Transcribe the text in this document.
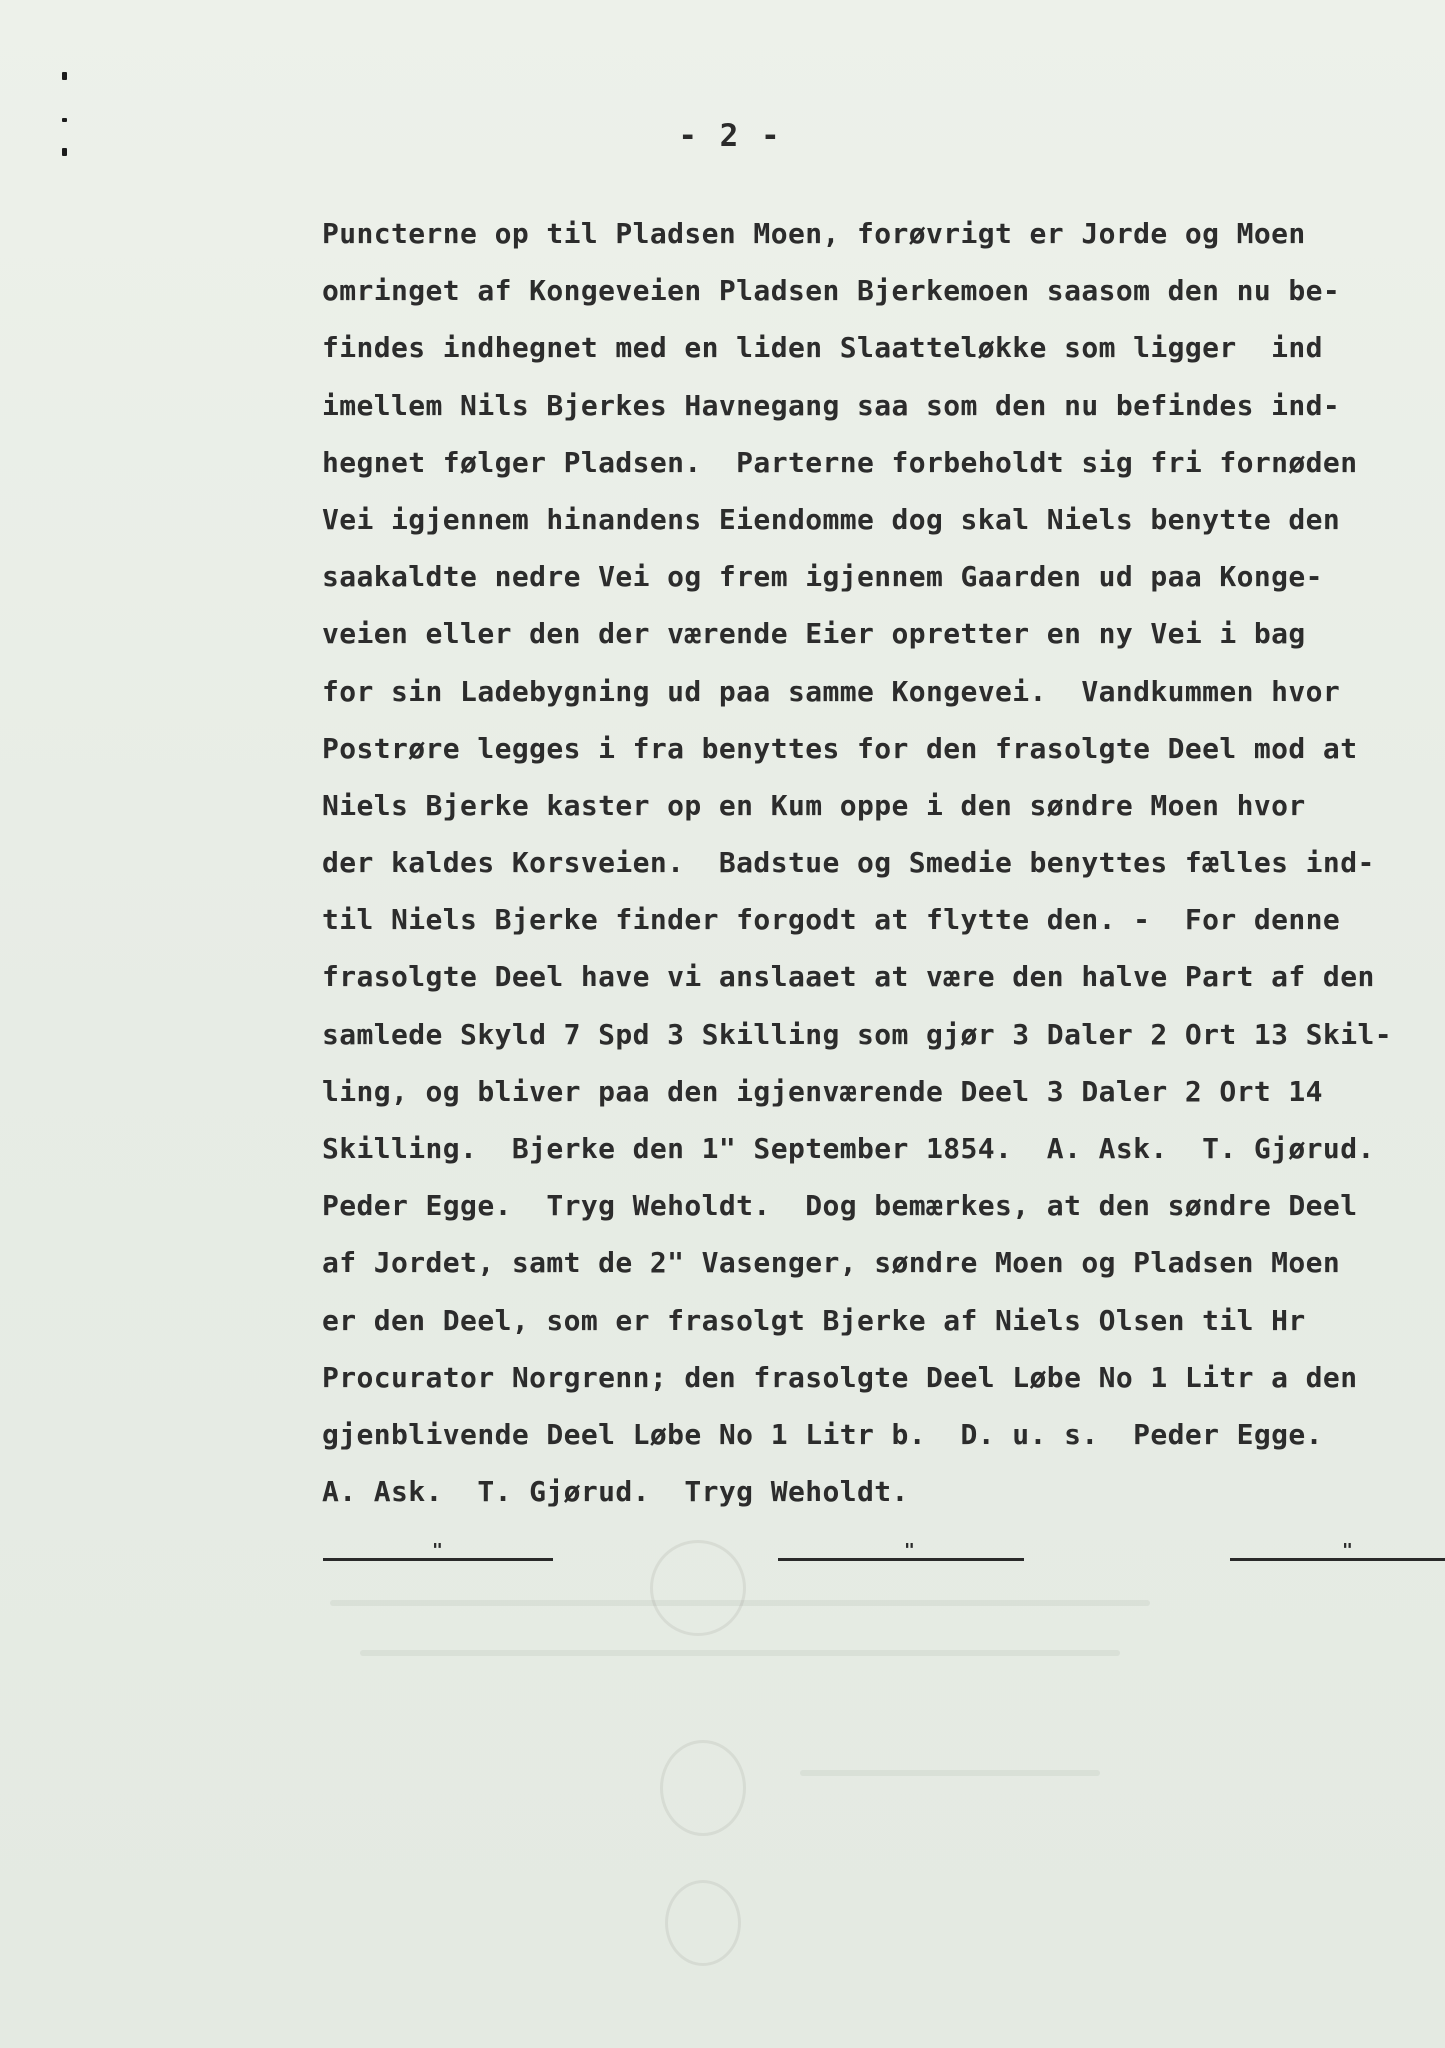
- 2 -
Puncterne op til Pladsen Moen, forøvrigt er Jorde og Moen
omringet af Kongeveien Pladsen Bjerkemoen saasom den nu be-
findes indhegnet med en liden Slaatteløkke som ligger  ind
imellem Nils Bjerkes Havnegang saa som den nu befindes ind-
hegnet følger Pladsen.  Parterne forbeholdt sig fri fornøden
Vei igjennem hinandens Eiendomme dog skal Niels benytte den
saakaldte nedre Vei og frem igjennem Gaarden ud paa Konge-
veien eller den der værende Eier opretter en ny Vei i bag
for sin Ladebygning ud paa samme Kongevei.  Vandkummen hvor
Postrøre legges i fra benyttes for den frasolgte Deel mod at
Niels Bjerke kaster op en Kum oppe i den søndre Moen hvor
der kaldes Korsveien.  Badstue og Smedie benyttes fælles ind-
til Niels Bjerke finder forgodt at flytte den. -  For denne
frasolgte Deel have vi anslaaet at være den halve Part af den
samlede Skyld 7 Spd 3 Skilling som gjør 3 Daler 2 Ort 13 Skil-
ling, og bliver paa den igjenværende Deel 3 Daler 2 Ort 14
Skilling.  Bjerke den 1" September 1854.  A. Ask.  T. Gjørud.
Peder Egge.  Tryg Weholdt.  Dog bemærkes, at den søndre Deel
af Jordet, samt de 2" Vasenger, søndre Moen og Pladsen Moen
er den Deel, som er frasolgt Bjerke af Niels Olsen til Hr
Procurator Norgrenn; den frasolgte Deel Løbe No 1 Litr a den
gjenblivende Deel Løbe No 1 Litr b.  D. u. s.  Peder Egge.
A. Ask.  T. Gjørud.  Tryg Weholdt.
"	"	"
